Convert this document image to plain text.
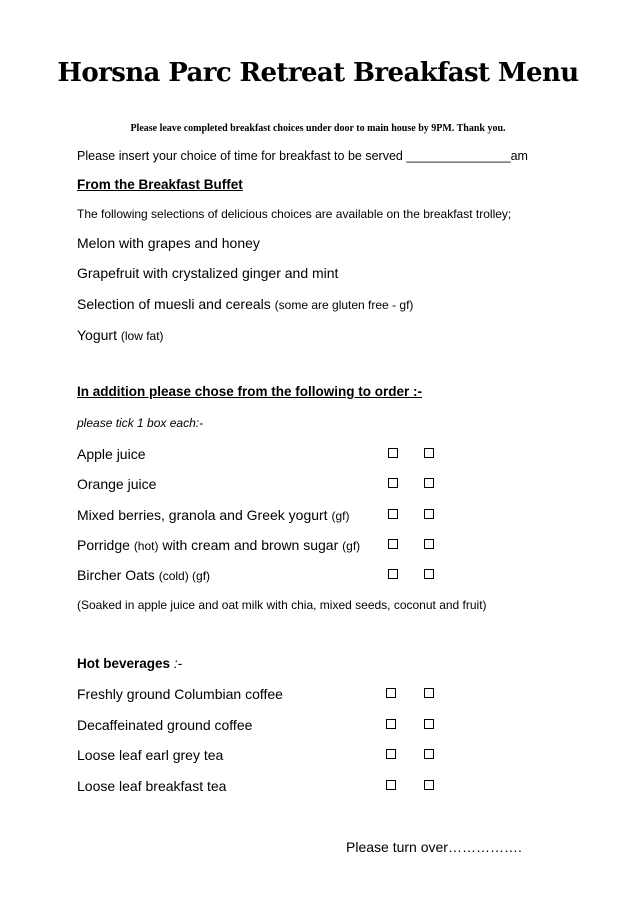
Horsna Parc Retreat Breakfast Menu
Please leave completed breakfast choices under door to main house by 9PM. Thank you.
Please insert your choice of time for breakfast to be served _______________am
From the Breakfast Buffet
The following selections of delicious choices are available on the breakfast trolley;
Melon with grapes and honey
Grapefruit with crystalized ginger and mint
Selection of muesli and cereals (some are gluten free - gf)
Yogurt (low fat)
In addition please chose from the following to order :-
please tick 1 box each:-
Apple juice
Orange juice
Mixed berries, granola and Greek yogurt (gf)
Porridge (hot) with cream and brown sugar (gf)
Bircher Oats (cold) (gf)
(Soaked in apple juice and oat milk with chia, mixed seeds, coconut and fruit)
Hot beverages :-
Freshly ground Columbian coffee
Decaffeinated ground coffee
Loose leaf earl grey tea
Loose leaf breakfast tea
Please turn over…………….
